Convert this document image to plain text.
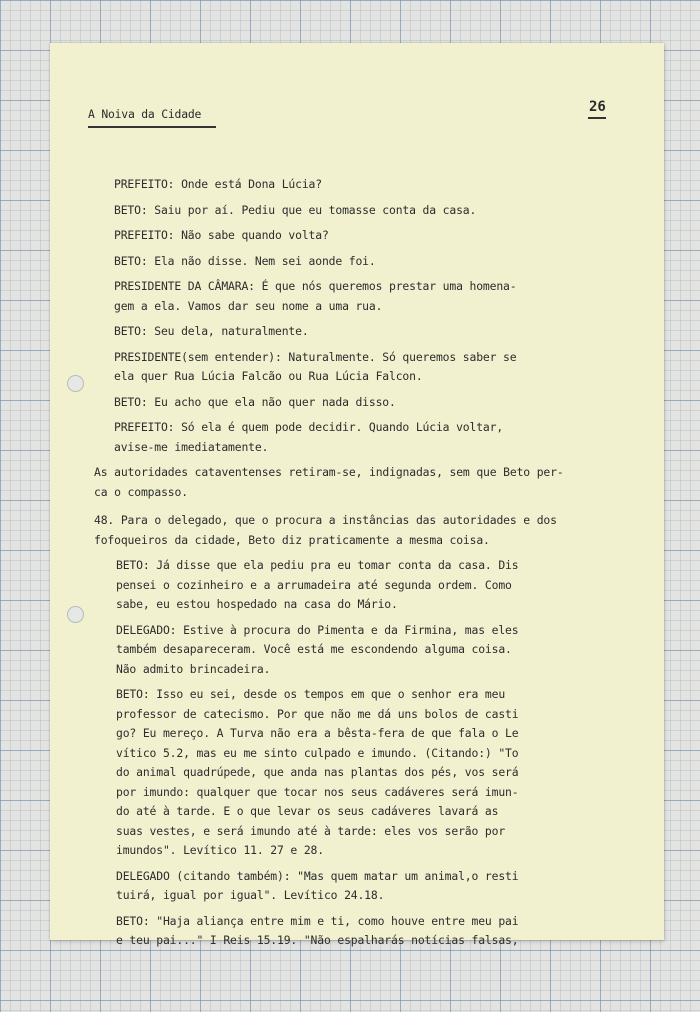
A Noiva da Cidade	26

PREFEITO: Onde está Dona Lúcia?

BETO: Saiu por aí. Pediu que eu tomasse conta da casa.

PREFEITO: Não sabe quando volta?

BETO: Ela não disse. Nem sei aonde foi.

PRESIDENTE DA CÂMARA: É que nós queremos prestar uma homena-
gem a ela. Vamos dar seu nome a uma rua.

BETO: Seu dela, naturalmente.

PRESIDENTE(sem entender): Naturalmente. Só queremos saber se
ela quer Rua Lúcia Falcão ou Rua Lúcia Falcon.

BETO: Eu acho que ela não quer nada disso.

PREFEITO: Só ela é quem pode decidir. Quando Lúcia voltar,
avise-me imediatamente.

As autoridades cataventenses retiram-se, indignadas, sem que Beto per-
ca o compasso.

48. Para o delegado, que o procura a instâncias das autoridades e dos
fofoqueiros da cidade, Beto diz praticamente a mesma coisa.

BETO: Já disse que ela pediu pra eu tomar conta da casa. Dis
pensei o cozinheiro e a arrumadeira até segunda ordem. Como
sabe, eu estou hospedado na casa do Mário.

DELEGADO: Estive à procura do Pimenta e da Firmina, mas eles
também desapareceram. Você está me escondendo alguma coisa.
Não admito brincadeira.

BETO: Isso eu sei, desde os tempos em que o senhor era meu
professor de catecismo. Por que não me dá uns bolos de casti
go? Eu mereço. A Turva não era a bêsta-fera de que fala o Le
vítico 5.2, mas eu me sinto culpado e imundo. (Citando:) "To
do animal quadrúpede, que anda nas plantas dos pés, vos será
por imundo: qualquer que tocar nos seus cadáveres será imun-
do até à tarde. E o que levar os seus cadáveres lavará as
suas vestes, e será imundo até à tarde: eles vos serão por
imundos". Levítico 11. 27 e 28.

DELEGADO (citando também): "Mas quem matar um animal,o resti
tuirá, igual por igual". Levítico 24.18.

BETO: "Haja aliança entre mim e ti, como houve entre meu pai
e teu pai..." I Reis 15.19. "Não espalharás notícias falsas,
